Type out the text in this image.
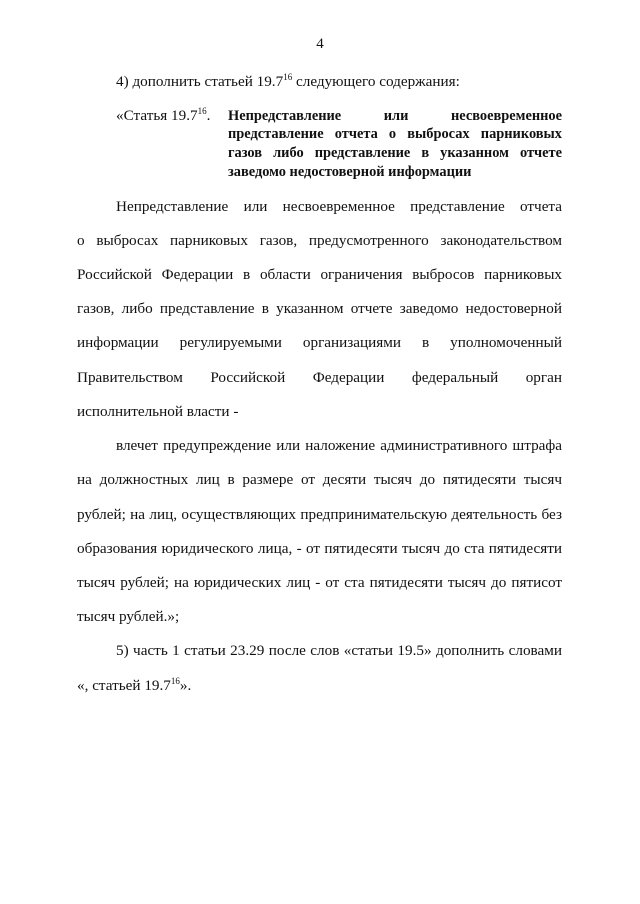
4
4) дополнить статьей 19.7$^{16}$ следующего содержания:
«Статья 19.7$^{16}$. Непредставление или несвоевременное
представление отчета о выбросах парниковых
газов либо представление в указанном отчете
заведомо недостоверной информации
Непредставление или несвоевременное представление отчета
о выбросах парниковых газов, предусмотренного законодательством
Российской Федерации в области ограничения выбросов парниковых
газов, либо представление в указанном отчете заведомо недостоверной
информации регулируемыми организациями в уполномоченный
Правительством Российской Федерации федеральный орган
исполнительной власти -
влечет предупреждение или наложение административного штрафа
на должностных лиц в размере от десяти тысяч до пятидесяти тысяч
рублей; на лиц, осуществляющих предпринимательскую деятельность без
образования юридического лица, - от пятидесяти тысяч до ста пятидесяти
тысяч рублей; на юридических лиц - от ста пятидесяти тысяч до пятисот
тысяч рублей.»;
5) часть 1 статьи 23.29 после слов «статьи 19.5» дополнить словами
«, статьей 19.7$^{16}$».
